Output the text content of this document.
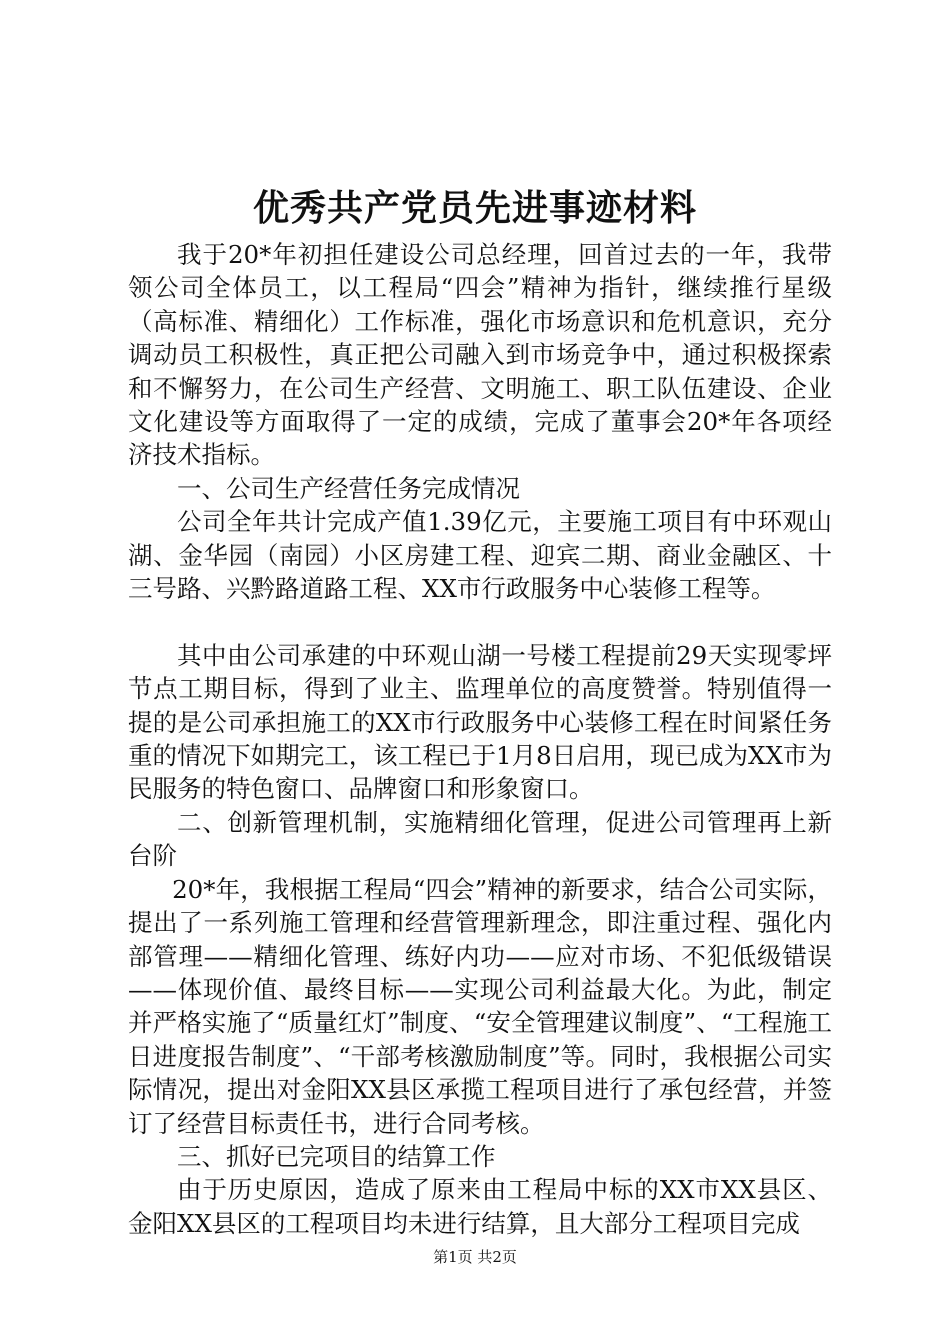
优秀共产党员先进事迹材料

我于20*年初担任建设公司总经理，回首过去的一年，我带领公司全体员工，以工程局“四会”精神为指针，继续推行星级（高标准、精细化）工作标准，强化市场意识和危机意识，充分调动员工积极性，真正把公司融入到市场竞争中，通过积极探索和不懈努力，在公司生产经营、文明施工、职工队伍建设、企业文化建设等方面取得了一定的成绩，完成了董事会20*年各项经济技术指标。

一、公司生产经营任务完成情况

公司全年共计完成产值1.39亿元，主要施工项目有中环观山湖、金华园（南园）小区房建工程、迎宾二期、商业金融区、十三号路、兴黔路道路工程、XX市行政服务中心装修工程等。

其中由公司承建的中环观山湖一号楼工程提前29天实现零坪节点工期目标，得到了业主、监理单位的高度赞誉。特别值得一提的是公司承担施工的XX市行政服务中心装修工程在时间紧任务重的情况下如期完工，该工程已于1月8日启用，现已成为XX市为民服务的特色窗口、品牌窗口和形象窗口。

二、创新管理机制，实施精细化管理，促进公司管理再上新台阶

20*年，我根据工程局“四会”精神的新要求，结合公司实际，提出了一系列施工管理和经营管理新理念，即注重过程、强化内部管理——精细化管理、练好内功——应对市场、不犯低级错误——体现价值、最终目标——实现公司利益最大化。为此，制定并严格实施了“质量红灯”制度、“安全管理建议制度”、“工程施工日进度报告制度”、“干部考核激励制度”等。同时，我根据公司实际情况，提出对金阳XX县区承揽工程项目进行了承包经营，并签订了经营目标责任书，进行合同考核。

三、抓好已完项目的结算工作

由于历史原因，造成了原来由工程局中标的XX市XX县区、金阳XX县区的工程项目均未进行结算，且大部分工程项目完成

第1页 共2页
